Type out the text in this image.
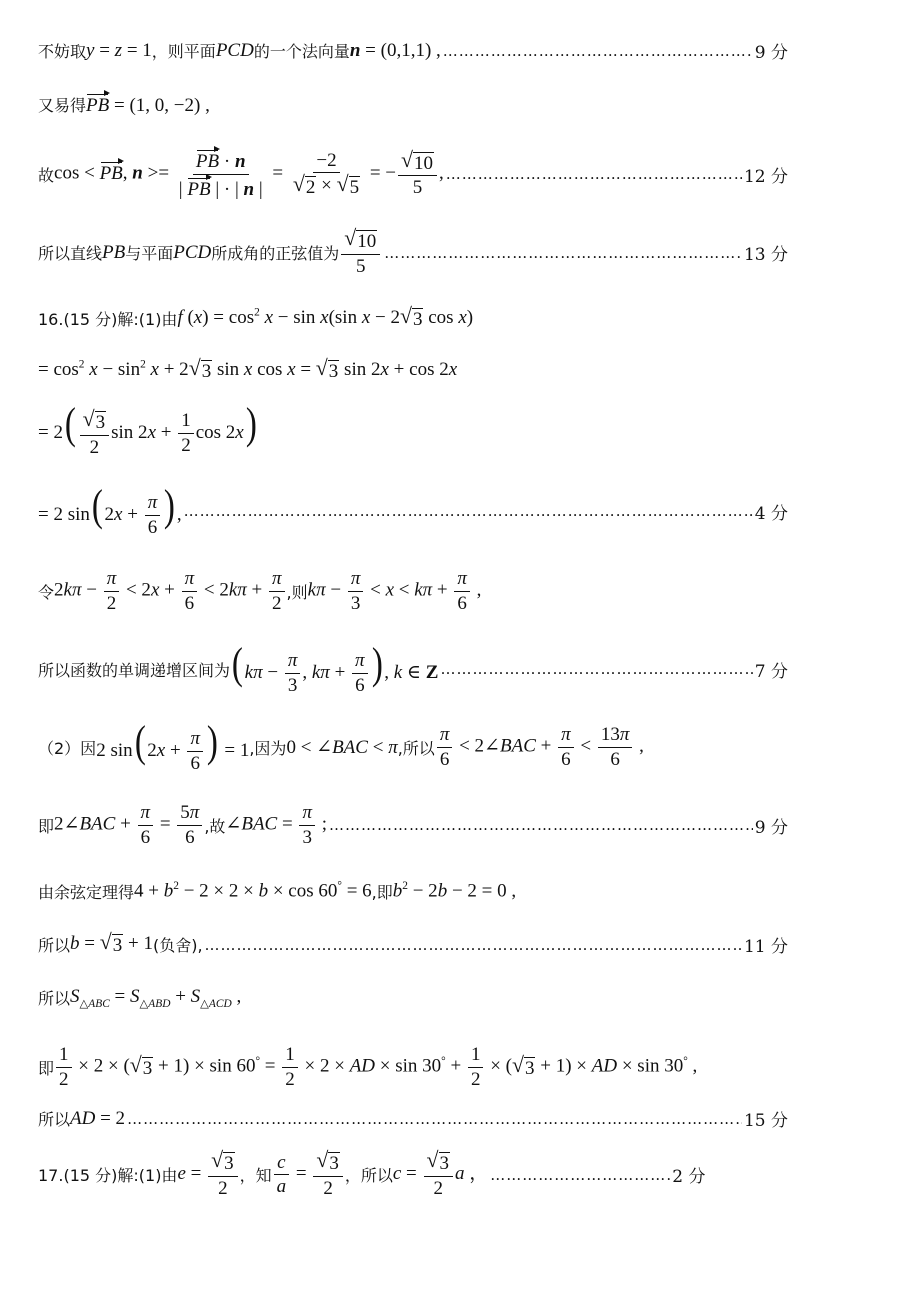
不妨取 y = z = 1 ，则平面 PCD 的一个法向量 n = (0,1,1) , ………………………………………………………………………………………………………………………………………………	9 分
又易得 PB = (1, 0, −2) ,
故 cos < PB, $n >= \frac{PB \cdot n}{| PB | \cdot | n |} = \frac{-2}{√ 2 \times √ 5}$ = − $\frac{√ 10}{5}$ , ………………………………………………………………………………………………………………………………………………	12 分
所以直线 PB 与平面 PCD 所成角的正弦值为 $\frac{√ 10}{5}$ ………………………………………………………………………………………………………………………………………………	13 分
16.(15 分)解:(1)由 f $(x) = \cos^2 x - \sin x(\sin$ x − 2 √ 3 cos x)
= $\cos^2 x - \sin^2 x + 2$ √ 3 sin x cos x = √ 3 sin 2x + cos 2x
= $2( \frac{√ 3}{2}$ $\sin 2x + \frac{1}{2}$ cos 2x)
= 2 $\sin(2x + \frac{\pi}{6}$ ), ………………………………………………………………………………………………………………………………………………	4 分
令 $2k\pi - \frac{\pi}{2} < 2x + \frac{\pi}{6} < 2k\pi + \frac{\pi}{2}$ ,则 $k\pi - \frac{\pi}{3} < x < k\pi + \frac{\pi}{6}$ ,
所以函数的单调递增区间为 ($k\pi - \frac{\pi}{3}$ , $k\pi + \frac{\pi}{6}$ ), k ∈ Z ………………………………………………………………………………………………………………………………………………	7 分
（2）因 2 $\sin(2x + \frac{\pi}{6}$ ) = 1 ,因为 0 < ∠BAC < π ,所以 $\frac{\pi}{6}$ < 2∠BAC + $\frac{\pi}{6} < \frac{13\pi}{6}$ ,
即 2∠BAC + $\frac{\pi}{6} = \frac{5\pi}{6}$ ,故 ∠BAC = $\frac{\pi}{3}$ ; ………………………………………………………………………………………………………………………………………………	9 分
由余弦定理得 $4 + b^2 - 2 \times 2 \times b \times \cos 60^\circ = 6$ ,即 $b^2 - 2b - 2 = 0$ ,
所以 b = √ 3 + 1 (负舍), ………………………………………………………………………………………………………………………………………………	11 分
所以 $S_{\triangle ABC} = S_{\triangle ABD} + S_{\triangle ACD}$ ,
即 $\frac{1}{2} \times 2$ × ( √ $3 + 1) \times \sin 60^\circ = \frac{1}{2} \times 2$ × AD × $\sin 30^\circ + \frac{1}{2}$ × ( √ 3 + 1) × AD × sin 30° ,
所以 AD = 2 ………………………………………………………………………………………………………………………………………………	15 分
17.(15 分)解:(1)由 $e = \frac{√ 3}{2}$ ，知 $\frac{c}{a} = \frac{√ 3}{2}$ ，所以 $c = \frac{√ 3}{2}$ a ， ………………………………………………………………………………………………………………………………………………	2 分
